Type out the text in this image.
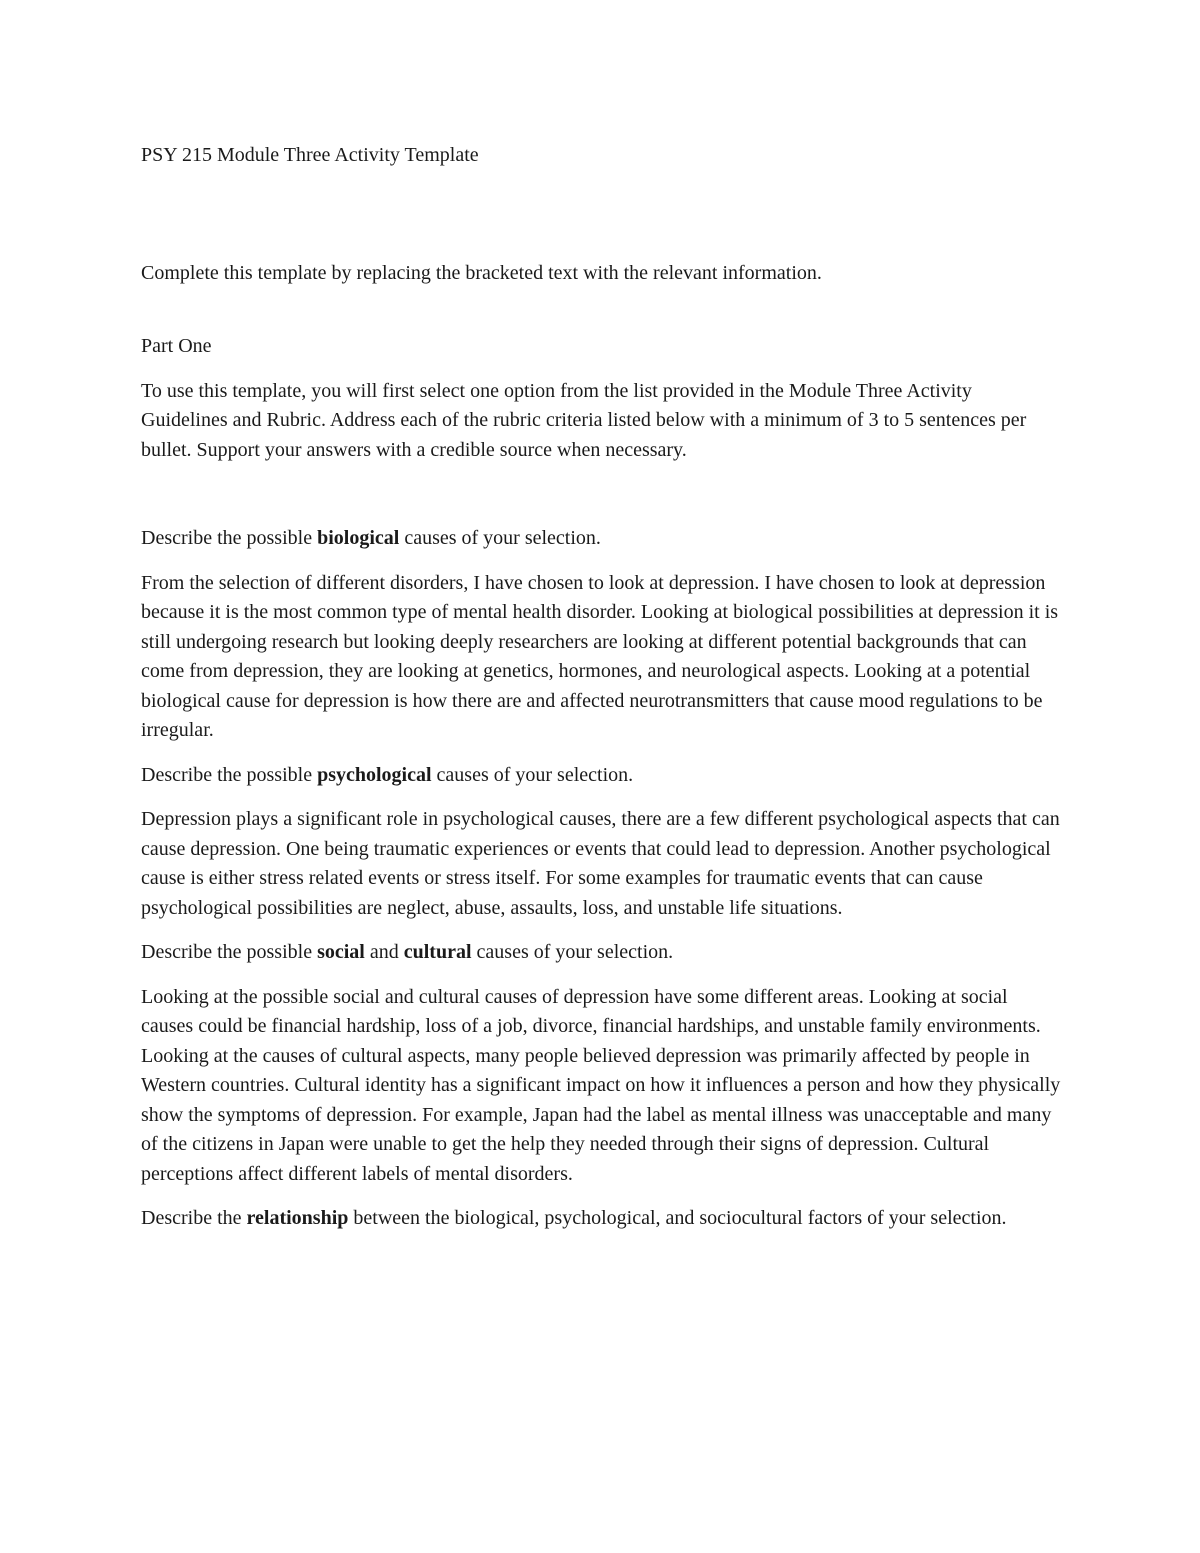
PSY 215 Module Three Activity Template

Complete this template by replacing the bracketed text with the relevant information.

Part One

To use this template, you will first select one option from the list provided in the Module Three Activity Guidelines and Rubric. Address each of the rubric criteria listed below with a minimum of 3 to 5 sentences per bullet. Support your answers with a credible source when necessary.

Describe the possible biological causes of your selection.

From the selection of different disorders, I have chosen to look at depression. I have chosen to look at depression because it is the most common type of mental health disorder. Looking at biological possibilities at depression it is still undergoing research but looking deeply researchers are looking at different potential backgrounds that can come from depression, they are looking at genetics, hormones, and neurological aspects. Looking at a potential biological cause for depression is how there are and affected neurotransmitters that cause mood regulations to be irregular.

Describe the possible psychological causes of your selection.

Depression plays a significant role in psychological causes, there are a few different psychological aspects that can cause depression. One being traumatic experiences or events that could lead to depression. Another psychological cause is either stress related events or stress itself. For some examples for traumatic events that can cause psychological possibilities are neglect, abuse, assaults, loss, and unstable life situations.

Describe the possible social and cultural causes of your selection.

Looking at the possible social and cultural causes of depression have some different areas. Looking at social causes could be financial hardship, loss of a job, divorce, financial hardships, and unstable family environments. Looking at the causes of cultural aspects, many people believed depression was primarily affected by people in Western countries. Cultural identity has a significant impact on how it influences a person and how they physically show the symptoms of depression. For example, Japan had the label as mental illness was unacceptable and many of the citizens in Japan were unable to get the help they needed through their signs of depression. Cultural perceptions affect different labels of mental disorders.

Describe the relationship between the biological, psychological, and sociocultural factors of your selection.
